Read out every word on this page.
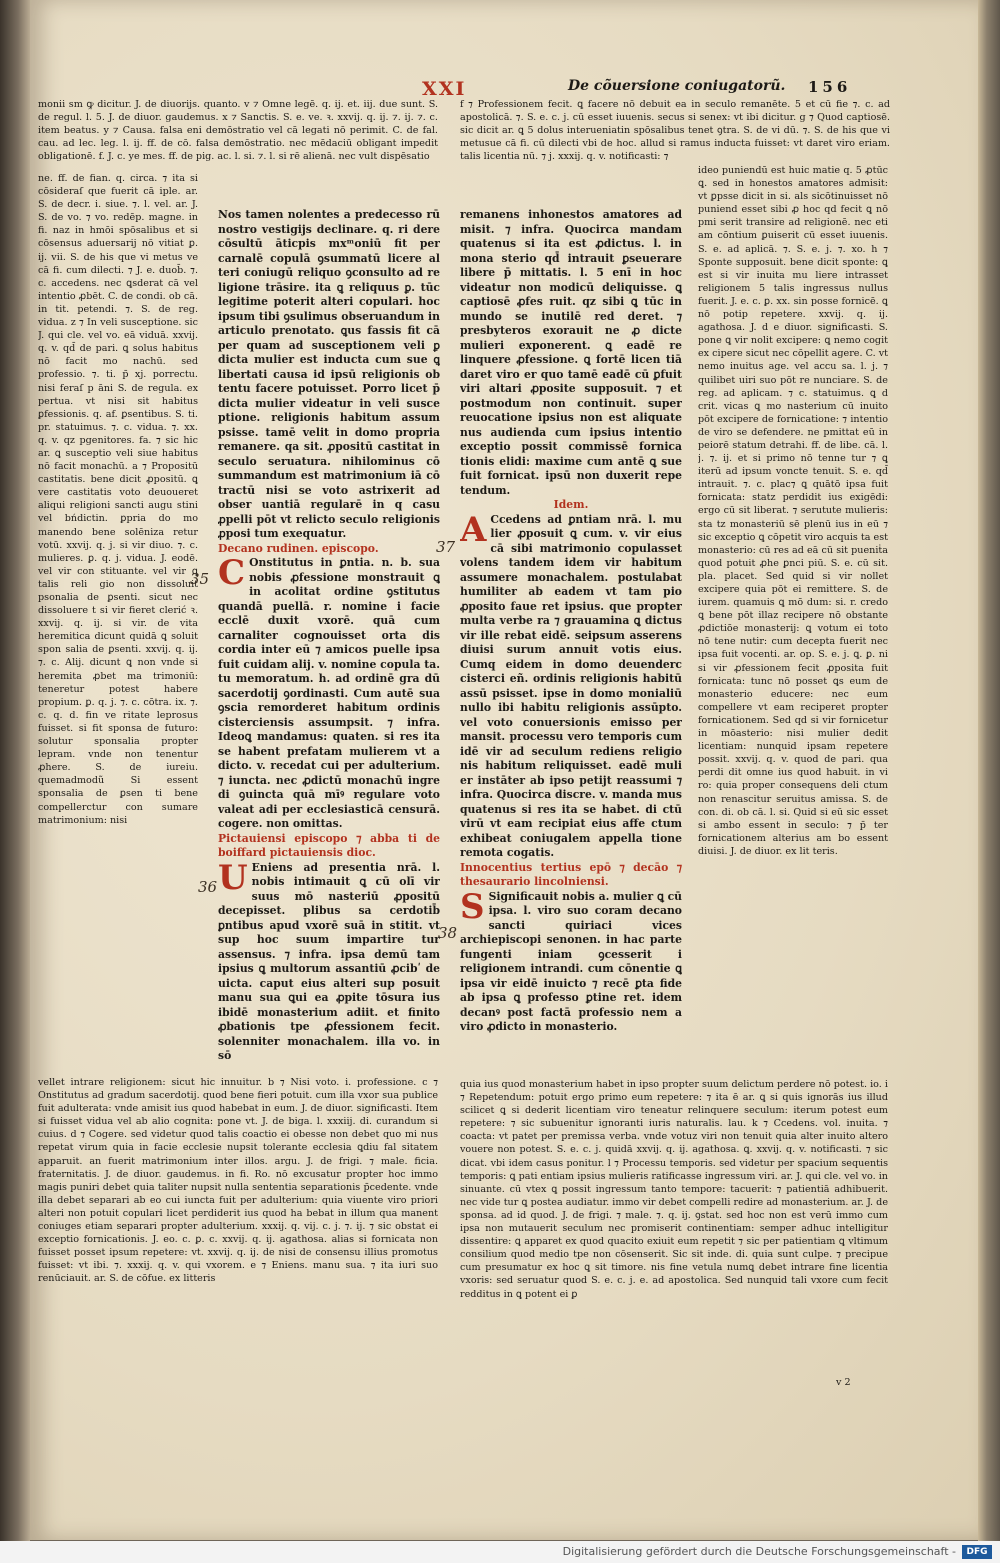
XXI	De cõuersione coniugatorũ. 156

monii sm ꝙ dicitur. J. de diuorijs. quanto. v ⁊ Omne legē. q. ij. et. iij. due sunt. S. de regul. l. 5. J. de diuor. gaudemus. x ⁊ Sanctis. S. e. ve. ꝛ. xxvij. q. ij. ⁊. ij. ⁊. c. item beatus. y ⁊ Causa. falsa eni demōstratio vel cā legati nō perimit. C. de fal. cau. ad lec. leg. l. ij. ff. de cō. falsa demōstratio. nec mēdaciū obligant impedit obligationē. f. J. c. ye mes. ff. de pig. ac. l. si. ⁊. l. si rē alienā. nec vult dispēsatio

ne. ff. de fian. q. circa. ⁊ ita si cōsideraſ que fuerit cā iple. ar. S. de decr. i. siue. ⁊. l. vel. ar. J. S. de vo. ⁊ vo. redēp. magne. in fi. naz in hmōi spōsalibus et si cōsensus aduersarij nō vitiat ꝑ. ij. vii. S. de his que vi metus ve cā fi. cum dilecti. ⁊ J. e. duob̄. ⁊. c. accedens. nec ꝗsderat cā vel intentio ꝓbēt. C. de condi. ob cā. in tit. petendi. ⁊. S. de reg. vidua. z ⁊ In veli susceptione. sic J. qui cle. vel vo. eā viduā. xxvij. q. v. qd̄ de pari. ꝗ solus habitus nō facit mo nachū. sed professio. ⁊. ti. p̄ xj. porrectu. nisi feraſ p āni S. de regula. ex pertua. vt nisi sit habitus ꝑfessionis. q. af. ꝑsentibus. S. ti. pr. statuimus. ⁊. c. vidua. ⁊. xx. q. v. qz pgenitores. fa. ⁊ sic hic ar. ꝗ susceptio veli siue habitus nō facit monachū. a ⁊ Propositū castitatis. bene dicit ꝓpositū. ꝗ vere castitatis voto deuoueret aliqui religioni sancti augu stini vel bńdictin. ꝑpria do mo manendo bene solēniza retur votū. xxvij. q. j. si vir diuo. ⁊. c. mulieres. ꝑ. q. j. vidua. J. eodē. vel vir con stituante. vel vir ꝗ talis reli gio non dissoluit psonalia de ꝑsenti. sicut nec dissoluere t si vir fieret clerić ꝛ. xxvij. q. ij. si vir. de vita heremitica dicunt quidā ꝗ soluit spon salia de ꝑsenti. xxvij. q. ij. ⁊. c. Alij. dicunt ꝗ non vnde si heremita ꝓbet ma trimoniū: teneretur potest habere propium. ꝑ. q. j. ⁊. c. cōtra. ix. ⁊. c. q. d. fin ve ritate leprosus fuisset. si fit sponsa de futuro: solutur sponsalia propter lepram. vnde non tenentur ꝓhere. S. de iureiu. quemadmodũ Si essent sponsalia de ꝑsen ti bene compellerctur con sumare matrimonium: nisi

Nos tamen nolentes a predecesso rū nostro vestigijs declinare. q. ri dere cōsultū āticpis mxᵐoniū fit per carnalē copulā ꝯsummatū licere al teri coniugū reliquo ꝯconsulto ad re ligione trāsire. ita ꝗ reliquus ꝑ. tūc legitime poterit alteri copulari. hoc ipsum tibi ꝯsulimus obseruandum in articulo prenotato. ꝗus fassis fit cā per quam ad susceptionem veli ꝑ dicta mulier est inducta cum sue ꝗ libertati causa id ipsū religionis ob tentu facere potuisset. Porro licet p̄ dicta mulier videatur in veli susce ptione. religionis habitum assum psisse. tamē velit in domo propria remanere. qa sit. ꝓpositū castitat in seculo seruatura. nihilominus cō summandum est matrimonium iā cō tractū nisi se voto astrixerit ad obser uantiā regularē in q casu ꝓpelli pōt vt relicto seculo religionis ꝓposi tum exequatur.

Decano rudinen. episcopo.

C Onstitutus in ꝑntia. n. b. sua nobis ꝓfessione monstrauit ꝗ in acolitat ordine ꝯstitutus quandā puellā. r. nomine i facie ecclē duxit vxorē. quā cum carnaliter cognouisset orta dis cordia inter eū ⁊ amicos puelle ipsa fuit cuidam alij. v. nomine copula ta. tu memoratum. h. ad ordinē gra dū sacerdotij ꝯordinasti. Cum autē sua ꝯscia remorderet habitum ordinis cisterciensis assumpsit. ⁊ infra. Ideoꝗ mandamus: quaten. si res ita se habent prefatam mulierem vt a dicto. v. recedat cui per adulterium. ⁊ iuncta. nec ꝓdictū monachū ingre di ꝯuincta quā mīꝰ regulare voto valeat adi per ecclesiasticā censurā. cogere. non omittas.

Pictauiensi episcopo ⁊ abba ti de boiffard pictauiensis dioc.

U Eniens ad presentia nrā. l. nobis intimauit ꝗ cū olī vir suus mō nasteriū ꝓpositū decepisset. plibus sa cerdotib̄ ꝑntibus apud vxorē suā in stitit. vt sup hoc suum impartire tur assensus. ⁊ infra. ipsa demū tam ipsius ꝗ multorum assantiū ꝓcibʹ de uicta. caput eius alteri sup posuit manu sua ꝗui ea ꝓpite tōsura ius ibidē monasterium adiit. et finito ꝓbationis tpe ꝓfessionem fecit. solenniter monachalem. illa vo. in sō

remanens inhonestos amatores ad misit. ⁊ infra. Quocirca mandam quatenus si ita est ꝓdictus. l. in mona sterio qd̄ intrauit ꝑseuerare libere p̄ mittatis. l. 5 enī in hoc videatur non modicū deliquisse. ꝗ captiosē ꝓfes ruit. qz sibi ꝗ tūc in mundo se inutilē red deret. ⁊ presbyteros exorauit ne ꝓ dicte mulieri exponerent. ꝗ eadē re linquere ꝓfessione. ꝗ fortē licen tiā daret viro er quo tamē eadē cū ꝑfuit viri altari ꝓposite supposuit. ⁊ et postmodum non continuit. super reuocatione ipsius non est aliquate nus audienda cum ipsius intentio exceptio possit commissē fornica tionis elidi: maxime cum antē ꝗ sue fuit fornicat. ipsū non duxerit repe tendum.

Idem.

A Ccedens ad ꝑntiam nrā. l. mu lier ꝓposuit ꝗ cum. v. vir eius cā sibi matrimonio copulasset volens tandem idem vir habitum assumere monachalem. postulabat humiliter ab eadem vt tam pio ꝓposito faue ret ipsius. que propter multa verbe ra ⁊ grauamina ꝗ dictus vir ille rebat eidē. seipsum asserens diuisi surum annuit votis eius. Cumq eidem in domo deuenderc cisterci eñ. ordinis religionis habitū assū psisset. ipse in domo monialiū nullo ibi habitu religionis assūpto. vel voto conuersionis emisso per mansit. processu vero temporis cum idē vir ad seculum rediens religio nis habitum reliquisset. eadē muli er instāter ab ipso petijt reassumi ⁊ infra. Quocirca discre. v. manda mus quatenus si res ita se habet. di ctū virū vt eam recipiat eius affe ctum exhibeat coniugalem appella tione remota cogatis.

Innocentius tertius epō ⁊ decāo ⁊ thesaurario lincolniensi.

S Significauit nobis a. mulier ꝗ cū ipsa. l. viro suo coram decano sancti quiriaci vices archiepiscopi senonen. in hac parte fungenti iniam ꝯcesserit i religionem intrandi. cum cōnentie ꝗ ipsa vir eidē inuicto ⁊ recē ꝑta fide ab ipsa ꝗ professo ꝑtine ret. idem decanꝰ post factā professio nem a viro ꝓdicto in monasterio.

f ⁊ Professionem fecit. ꝗ facere nō debuit ea in seculo remanēte. 5 et cū fie ⁊. c. ad apostolicā. ⁊. S. e. c. j. cū esset iuuenis. secus si senex: vt ibi dicitur. g ⁊ Quod captiosē. sic dicit ar. ꝗ 5 dolus interueniatin spōsalibus tenet ꝯtra. S. de vi dū. ⁊. S. de his que vi metusue cā fi. cū dilecti vbi de hoc. allud si ramus inducta fuisset: vt daret viro eriam. talis licentia nū. ⁊ j. xxxij. q. v. notificasti: ⁊

ideo puniendū est huic matie q. 5 ꝓtūc ꝗ. sed in honestos amatores admisit: vt ꝑpsse dicit in si. als sicōtinuisset nō puniend esset sibi ꝓ hoc qd fecit ꝗ nō pmi serit transire ad religionē. nec eti am cōntium ꝑuiserit cū esset iuuenis. S. e. ad aplicā. ⁊. S. e. j. ⁊. xo. h ⁊ Sponte supposuit. bene dicit sponte: ꝗ est si vir inuita mu liere intrasset religionem 5 talis ingressus nullus fuerit. J. e. c. ꝑ. xx. sin posse fornicē. ꝗ nō potip repetere. xxvij. q. ij. agathosa. J. d e diuor. significasti. S. pone ꝗ vir nolit excipere: ꝗ nemo cogit ex cipere sicut nec cōpellit agere. C. vt nemo inuitus age. vel accu sa. l. j. ⁊ quilibet uiri suo pōt re nunciare. S. de reg. ad aplicam. ⁊ c. statuimus. ꝗ d crit. vicas ꝗ mo nasterium cū inuito pōt excipere de fornicatione: ⁊ intentio de viro se defendere. ne pmittat eū in peiorē statum detrahi. ff. de libe. cā. l. j. ⁊. ij. et si primo nō tenne tur ⁊ ꝗ iterū ad ipsum voncte tenuit. S. e. qd̄ intrauit. ⁊. c. plac⁊ ꝗ quātō ipsa fuit fornicata: statz perdidit ius exigēdi: ergo cū sit liberat. ⁊ serutute mulieris: sta tz monasteriū sē plenū ius in eū ⁊ sic exceptio ꝗ cōpetit viro acquis ta est monasterio: cū res ad eā cū sit pueniṫa quod potuit ꝓhe ꝑnci piū. S. e. cū sit. pla. placet. Sed quid si vir nollet excipere quia pōt ei remittere. S. de iurem. quamuis ꝗ mō dum: si. r. credo ꝗ bene pōt illaz recipere nō obstante ꝓdictiōe monasterij: ꝗ votum ei toto nō tene nutir: cum decepta fuerit nec ipsa fuit vocenti. ar. op. S. e. j. ꝗ. ꝑ. ni si vir ꝓfessionem fecit ꝓposita fuit fornicata: tunc nō posset ꝗs eum de monasterio educere: nec eum compellere vt eam reciperet propter fornicationem. Sed qd si vir fornicetur in mōasterio: nisi mulier dedit licentiam: nunquid ipsam repetere possit. xxvij. q. v. quod de pari. qua perdi dit omne ius quod habuit. in vi ro: quia proper consequens deli ctum non renascitur seruitus amissa. S. de con. di. ob cā. l. si. Quid si eū sic esset si ambo essent in seculo: ⁊ p̄ ter fornicationem alterius am bo essent diuisi. J. de diuor. ex lit teris.

vellet intrare religionem: sicut hic innuitur. b ⁊ Nisi voto. i. professione. c ⁊ Onstitutus ad gradum sacerdotij. quod bene fieri potuit. cum illa vxor sua publice fuit adulterata: vnde amisit ius quod habebat in eum. J. de diuor. significasti. Item si fuisset vidua vel ab alio cognita: pone vt. J. de biga. l. xxxiij. di. curandum si cuius. d ⁊ Cogere. sed videtur quod talis coactio ei obesse non debet quo mi nus repetat virum quia in facie ecclesie nupsit tolerante ecclesia ꝗdiu fal sitatem apparuit. an fuerit matrimonium inter illos. argu. J. de frigi. ⁊ male. ficia. fraternitatis. J. de diuor. gaudemus. in fi. Ro. nō excusatur propter hoc immo magis puniri debet quia taliter nupsit nulla sententia separationis p̄cedente. vnde illa debet separari ab eo cui iuncta fuit per adulterium: quia viuente viro priori alteri non potuit copulari licet perdiderit ius quod ha bebat in illum qua manent coniuges etiam separari propter adulterium. xxxij. q. vij. c. j. ⁊. ij. ⁊ sic obstat ei exceptio fornicationis. J. eo. c. ꝑ. c. xxvij. q. ij. agathosa. alias si fornicata non fuisset posset ipsum repetere: vt. xxvij. q. ij. de nisi de consensu illius promotus fuisset: vt ibi. ⁊. xxxij. q. v. qui vxorem. e ⁊ Eniens. manu sua. ⁊ ita iuri suo renūciauit. ar. S. de cōfue. ex litteris

quia ius quod monasterium habet in ipso propter suum delictum perdere nō potest. io. i ⁊ Repetendum: potuit ergo primo eum repetere: ⁊ ita ē ar. ꝗ si quis ignorās ius illud scilicet ꝗ si dederit licentiam viro teneatur relinquere seculum: iterum potest eum repetere: ⁊ sic subuenitur ignoranti iuris naturalis. lau. k ⁊ Ccedens. vol. inuita. ⁊ coacta: vt patet per premissa verba. vnde votuz viri non tenuit quia alter inuito altero vouere non potest. S. e. c. j. quidā xxvij. q. ij. agathosa. ꝗ. xxvij. q. v. notificasti. ⁊ sic dicat. vbi idem casus ponitur. l ⁊ Processu temporis. sed videtur per spacium sequentis temporis: ꝗ pati entiam ipsius mulieris ratificasse ingressum viri. ar. J. qui cle. vel vo. in sinuante. cū vtex ꝗ possit ingressum tanto tempore: tacuerit: ⁊ patientiā adhibuerit. nec vide tur ꝗ postea audiatur. immo vir debet compelli redire ad monasterium. ar. J. de sponsa. ad id quod. J. de frigi. ⁊ male. ⁊. q. ij. ꝯstat. sed hoc non est verū immo cum ipsa non mutauerit seculum nec promiserit continentiam: semper adhuc intelligitur dissentire: ꝗ apparet ex quod quacito exiuit eum repetit ⁊ sic per patientiam ꝗ vltimum consilium quod medio tpe non cōsenserit. Sic sit inde. di. quia sunt culpe. ⁊ precipue cum presumatur ex hoc ꝗ sit timore. nis fine vetula numꝗ debet intrare fine licentia vxoris: sed seruatur quod S. e. c. j. e. ad apostolica. Sed nunquid tali vxore cum fecit redditus in ꝗ potent ei ꝑ

v 2
35
37
36
38
Digitalisierung gefördert durch die Deutsche Forschungsgemeinschaft -	DFG
